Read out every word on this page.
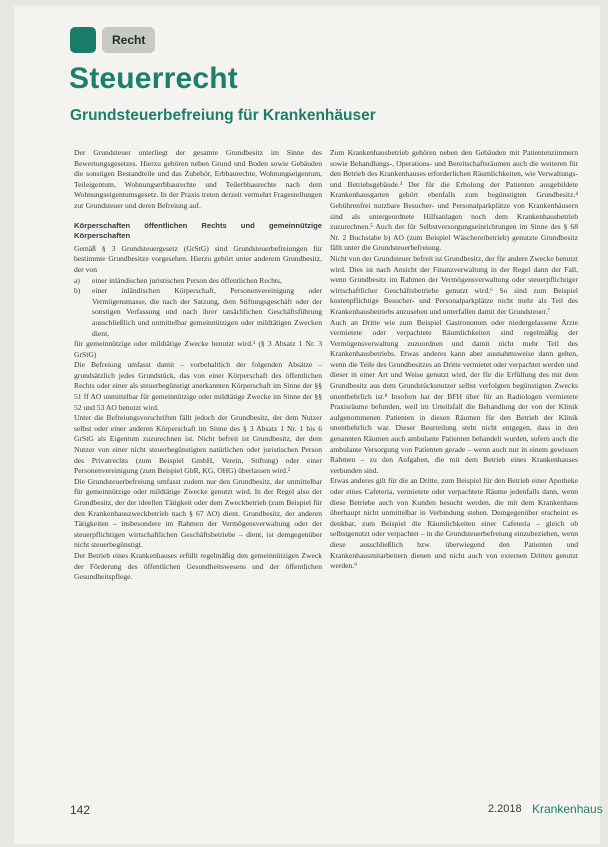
Recht
Steuerrecht
Grundsteuerbefreiung für Krankenhäuser

Der Grundsteuer unterliegt der gesamte Grundbesitz im Sinne des Bewertungsgesetzes. Hierzu gehören neben Grund und Boden sowie Gebäuden die sonstigen Bestandteile und das Zubehör, Erbbaurechte, Wohnungseigentum, Teileigentum, Wohnungserbbaurechte und Teilerbbaurechte nach dem Wohnungseigentumsgesetz. In der Praxis treten derzeit vermehrt Fragestellungen zur Grundsteuer und deren Befreiung auf.

Körperschaften öffentlichen Rechts und gemeinnützige Körperschaften

Gemäß § 3 Grundsteuergesetz (GrStG) sind Grundsteuerbefreiungen für bestimmte Grundbesitze vorgesehen. Hierzu gehört unter anderem Grundbesitz, der von

a)	einer inländischen juristischen Person des öffentlichen Rechts,
b)	einer inländischen Körperschaft, Personenvereinigung oder Vermögensmasse, die nach der Satzung, dem Stiftungsgeschäft oder der sonstigen Verfassung und nach ihrer tatsächlichen Geschäftsführung ausschließlich und unmittelbar gemeinnützigen oder mildtätigen Zwecken dient,

für gemeinnützige oder mildtätige Zwecke benutzt wird.¹ (§ 3 Absatz 1 Nr. 3 GrStG)

Die Befreiung umfasst damit – vorbehaltlich der folgenden Absätze – grundsätzlich jedes Grundstück, das von einer Körperschaft des öffentlichen Rechts oder einer als steuerbegünstigt anerkannten Körperschaft im Sinne der §§ 51 ff AO unmittelbar für gemeinnützige oder mildtätige Zwecke im Sinne der §§ 52 und 53 AO benutzt wird.

Unter die Befreiungsvorschriften fällt jedoch der Grundbesitz, der dem Nutzer selbst oder einer anderen Körperschaft im Sinne des § 3 Absatz 1 Nr. 1 bis 6 GrStG als Eigentum zuzurechnen ist. Nicht befreit ist Grundbesitz, der dem Nutzer von einer nicht steuerbegünstigten natürlichen oder juristischen Person des Privatrechts (zum Beispiel GmbH, Verein, Stiftung) oder einer Personenvereinigung (zum Beispiel GbR, KG, OHG) überlassen wird.²

Die Grundsteuerbefreiung umfasst zudem nur den Grundbesitz, der unmittelbar für gemeinnützige oder mildtätige Zwecke genutzt wird. In der Regel also der Grundbesitz, der der ideellen Tätigkeit oder dem Zweckbetrieb (zum Beispiel für den Krankenhauszweckbetrieb nach § 67 AO) dient. Grundbesitz, der anderen Tätigkeiten – insbesondere im Rahmen der Vermögensverwaltung oder der steuerpflichtigen wirtschaftlichen Geschäftsbetriebe – dient, ist demgegenüber nicht steuerbegünstigt.

Der Betrieb eines Krankenhauses erfüllt regelmäßig den gemeinnützigen Zweck der Förderung des öffentlichen Gesundheitswesens und der öffentlichen Gesundheitspflege.

Zum Krankenhausbetrieb gehören neben den Gebäuden mit Patientenzimmern sowie Behandlungs-, Operations- und Bereitschaftsräumen auch die weiteren für den Betrieb des Krankenhauses erforderlichen Räumlichkeiten, wie Verwaltungs- und Betriebsgebäude.³ Der für die Erholung der Patienten ausgebildete Krankenhausgarten gehört ebenfalls zum begünstigten Grundbesitz.⁴ Gebührenfrei nutzbare Besucher- und Personalparkplätze von Krankenhäusern sind als untergeordnete Hilfsanlagen noch dem Krankenhausbetrieb zuzurechnen.⁵ Auch der für Selbstversorgungseinrichtungen im Sinne des § 68 Nr. 2 Buchstabe b) AO (zum Beispiel Wäschereibetrieb) genutzte Grundbesitz fällt unter die Grundsteuerbefreiung.

Nicht von der Grundsteuer befreit ist Grundbesitz, der für andere Zwecke benutzt wird. Dies ist nach Ansicht der Finanzverwaltung in der Regel dann der Fall, wenn Grundbesitz im Rahmen der Vermögensverwaltung oder steuerpflichtiger wirtschaftlicher Geschäftsbetriebe genutzt wird.⁶ So sind zum Beispiel kostenpflichtige Besucher- und Personalparkplätze nicht mehr als Teil des Krankenhausbetriebs anzusehen und unterfallen damit der Grundsteuer.⁷

Auch an Dritte wie zum Beispiel Gastronomen oder niedergelassene Ärzte vermietete oder verpachtete Räumlichkeiten sind regelmäßig der Vermögensverwaltung zuzuordnen und damit nicht mehr Teil des Krankenhausbetriebs. Etwas anderes kann aber ausnahmsweise dann gelten, wenn die Teile des Grundbesitzes an Dritte vermietet oder verpachtet werden und dieser in einer Art und Weise genutzt wird, der für die Erfüllung des mit dem Grundbesitz aus dem Grundstücksnutzer selbst verfolgten begünstigten Zwecks unentbehrlich ist.⁸ Insofern hat der BFH über für an Radiologen vermietete Praxisräume befunden, weil im Urteilsfall die Behandlung der von der Klinik aufgenommenen Patienten in diesen Räumen für den Betrieb der Klinik unentbehrlich war. Dieser Beurteilung steht nicht entgegen, dass in den genannten Räumen auch ambulante Patienten behandelt wurden, sofern auch die ambulante Versorgung von Patienten gerade – wenn auch nur in einem gewissen Rahmen – zu den Aufgaben, die mit dem Betrieb eines Krankenhauses verbunden sind.

Etwas anderes gilt für die an Dritte, zum Beispiel für den Betrieb einer Apotheke oder eines Cafeteria, vermietete oder verpachtete Räume jedenfalls dann, wenn diese Betriebe auch von Kunden besucht werden, die mit dem Krankenhaus überhaupt nicht unmittelbar in Verbindung stehen. Demgegenüber erscheint es denkbar, zum Beispiel die Räumlichkeiten einer Cafeteria – gleich ob selbstgenutzt oder verpachtet – in die Grundsteuerbefreiung einzubeziehen, wenn diese ausschließlich bzw. überwiegend den Patienten und Krankenhausmitarbeitern dienen und nicht auch von externen Dritten genutzt werden.⁹

142	2.2018 Krankenhaus
